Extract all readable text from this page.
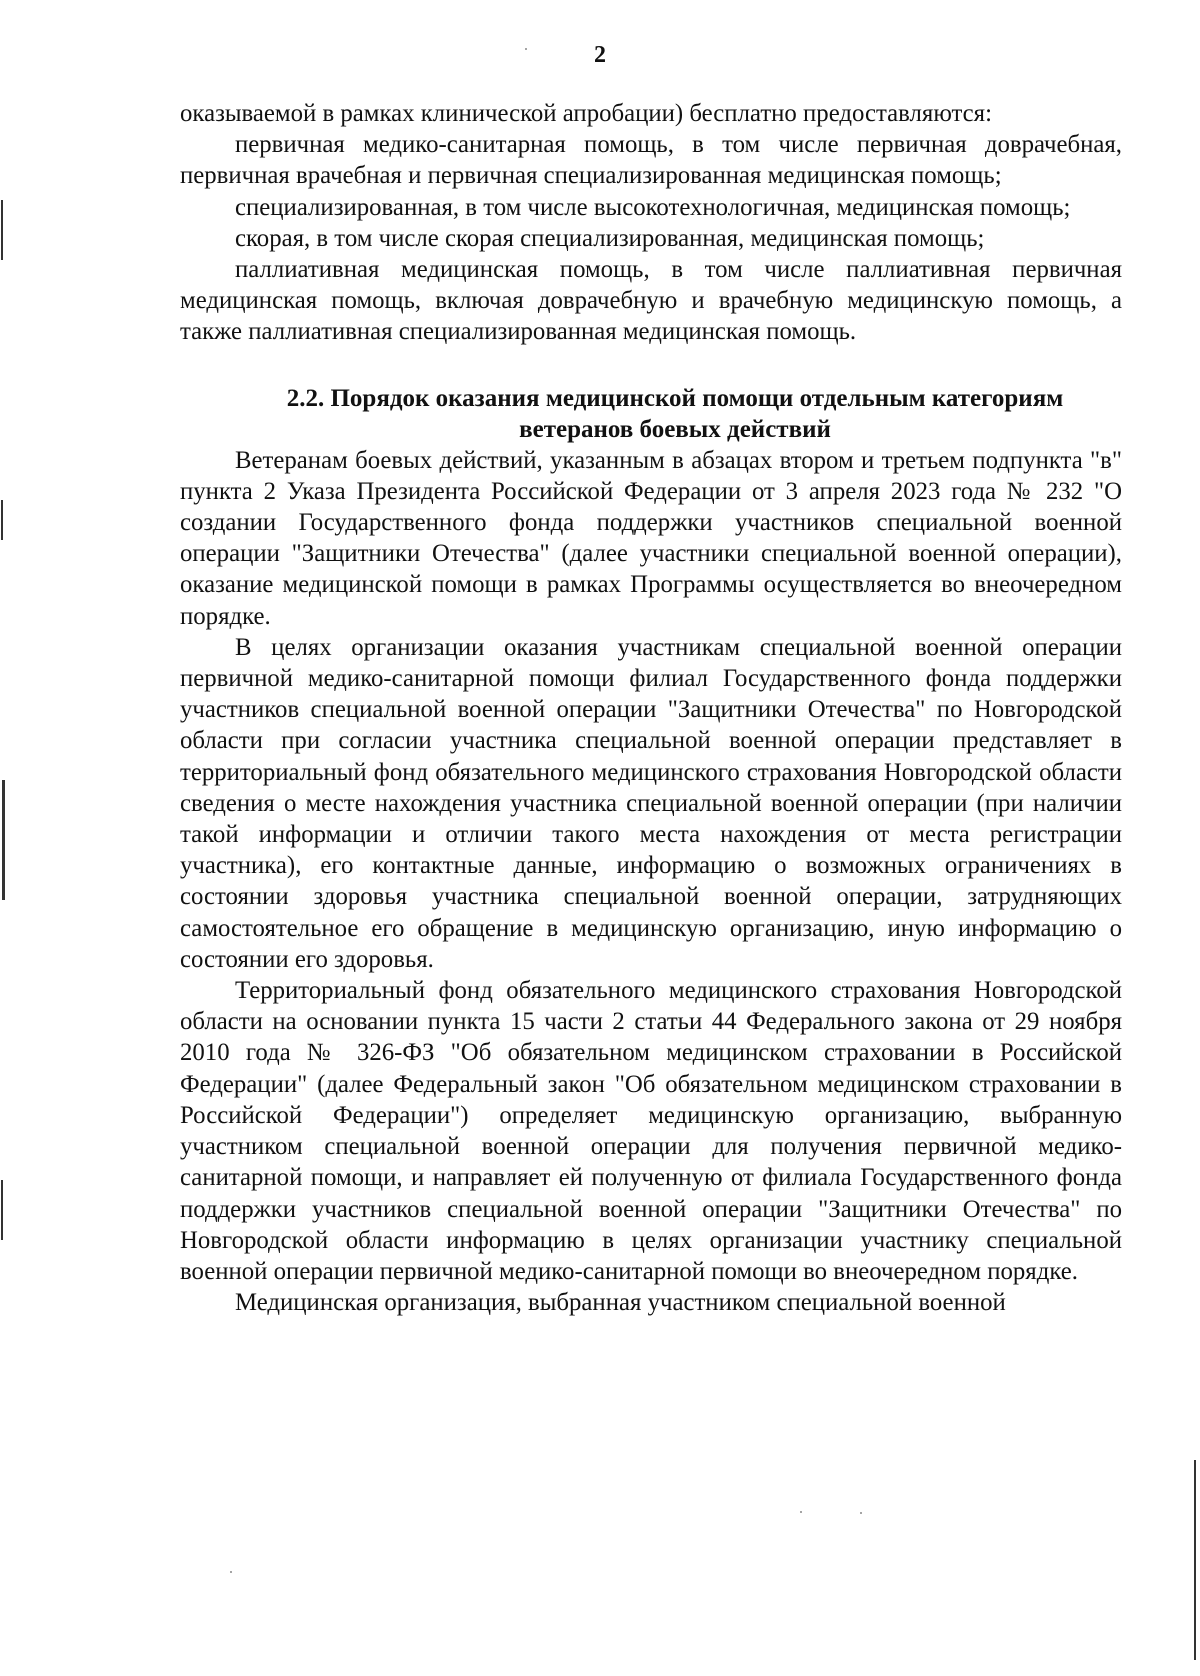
2

оказываемой в рамках клинической апробации) бесплатно предоставляются:

первичная медико-санитарная помощь, в том числе первичная доврачебная, первичная врачебная и первичная специализированная медицинская помощь;

специализированная, в том числе высокотехнологичная, медицинская помощь;

скорая, в том числе скорая специализированная, медицинская помощь;

паллиативная медицинская помощь, в том числе паллиативная первичная медицинская помощь, включая доврачебную и врачебную медицинскую помощь, а также паллиативная специализированная медицинская помощь.

2.2. Порядок оказания медицинской помощи отдельным категориям
ветеранов боевых действий

Ветеранам боевых действий, указанным в абзацах втором и третьем подпункта "в" пункта 2 Указа Президента Российской Федерации от 3 апреля 2023 года № 232 "О создании Государственного фонда поддержки участников специальной военной операции "Защитники Отечества" (далее участники специальной военной операции), оказание медицинской помощи в рамках Программы осуществляется во внеочередном порядке.

В целях организации оказания участникам специальной военной операции первичной медико-санитарной помощи филиал Государственного фонда поддержки участников специальной военной операции "Защитники Отечества" по Новгородской области при согласии участника специальной военной операции представляет в территориальный фонд обязательного медицинского страхования Новгородской области сведения о месте нахождения участника специальной военной операции (при наличии такой информации и отличии такого места нахождения от места регистрации участника), его контактные данные, информацию о возможных ограничениях в состоянии здоровья участника специальной военной операции, затрудняющих самостоятельное его обращение в медицинскую организацию, иную информацию о состоянии его здоровья.

Территориальный фонд обязательного медицинского страхования Новгородской области на основании пункта 15 части 2 статьи 44 Федерального закона от 29 ноября 2010 года № 326-ФЗ "Об обязательном медицинском страховании в Российской Федерации" (далее Федеральный закон "Об обязательном медицинском страховании в Российской Федерации") определяет медицинскую организацию, выбранную участником специальной военной операции для получения первичной медико-санитарной помощи, и направляет ей полученную от филиала Государственного фонда поддержки участников специальной военной операции "Защитники Отечества" по Новгородской области информацию в целях организации участнику специальной военной операции первичной медико-санитарной помощи во внеочередном порядке.

Медицинская организация, выбранная участником специальной военной
